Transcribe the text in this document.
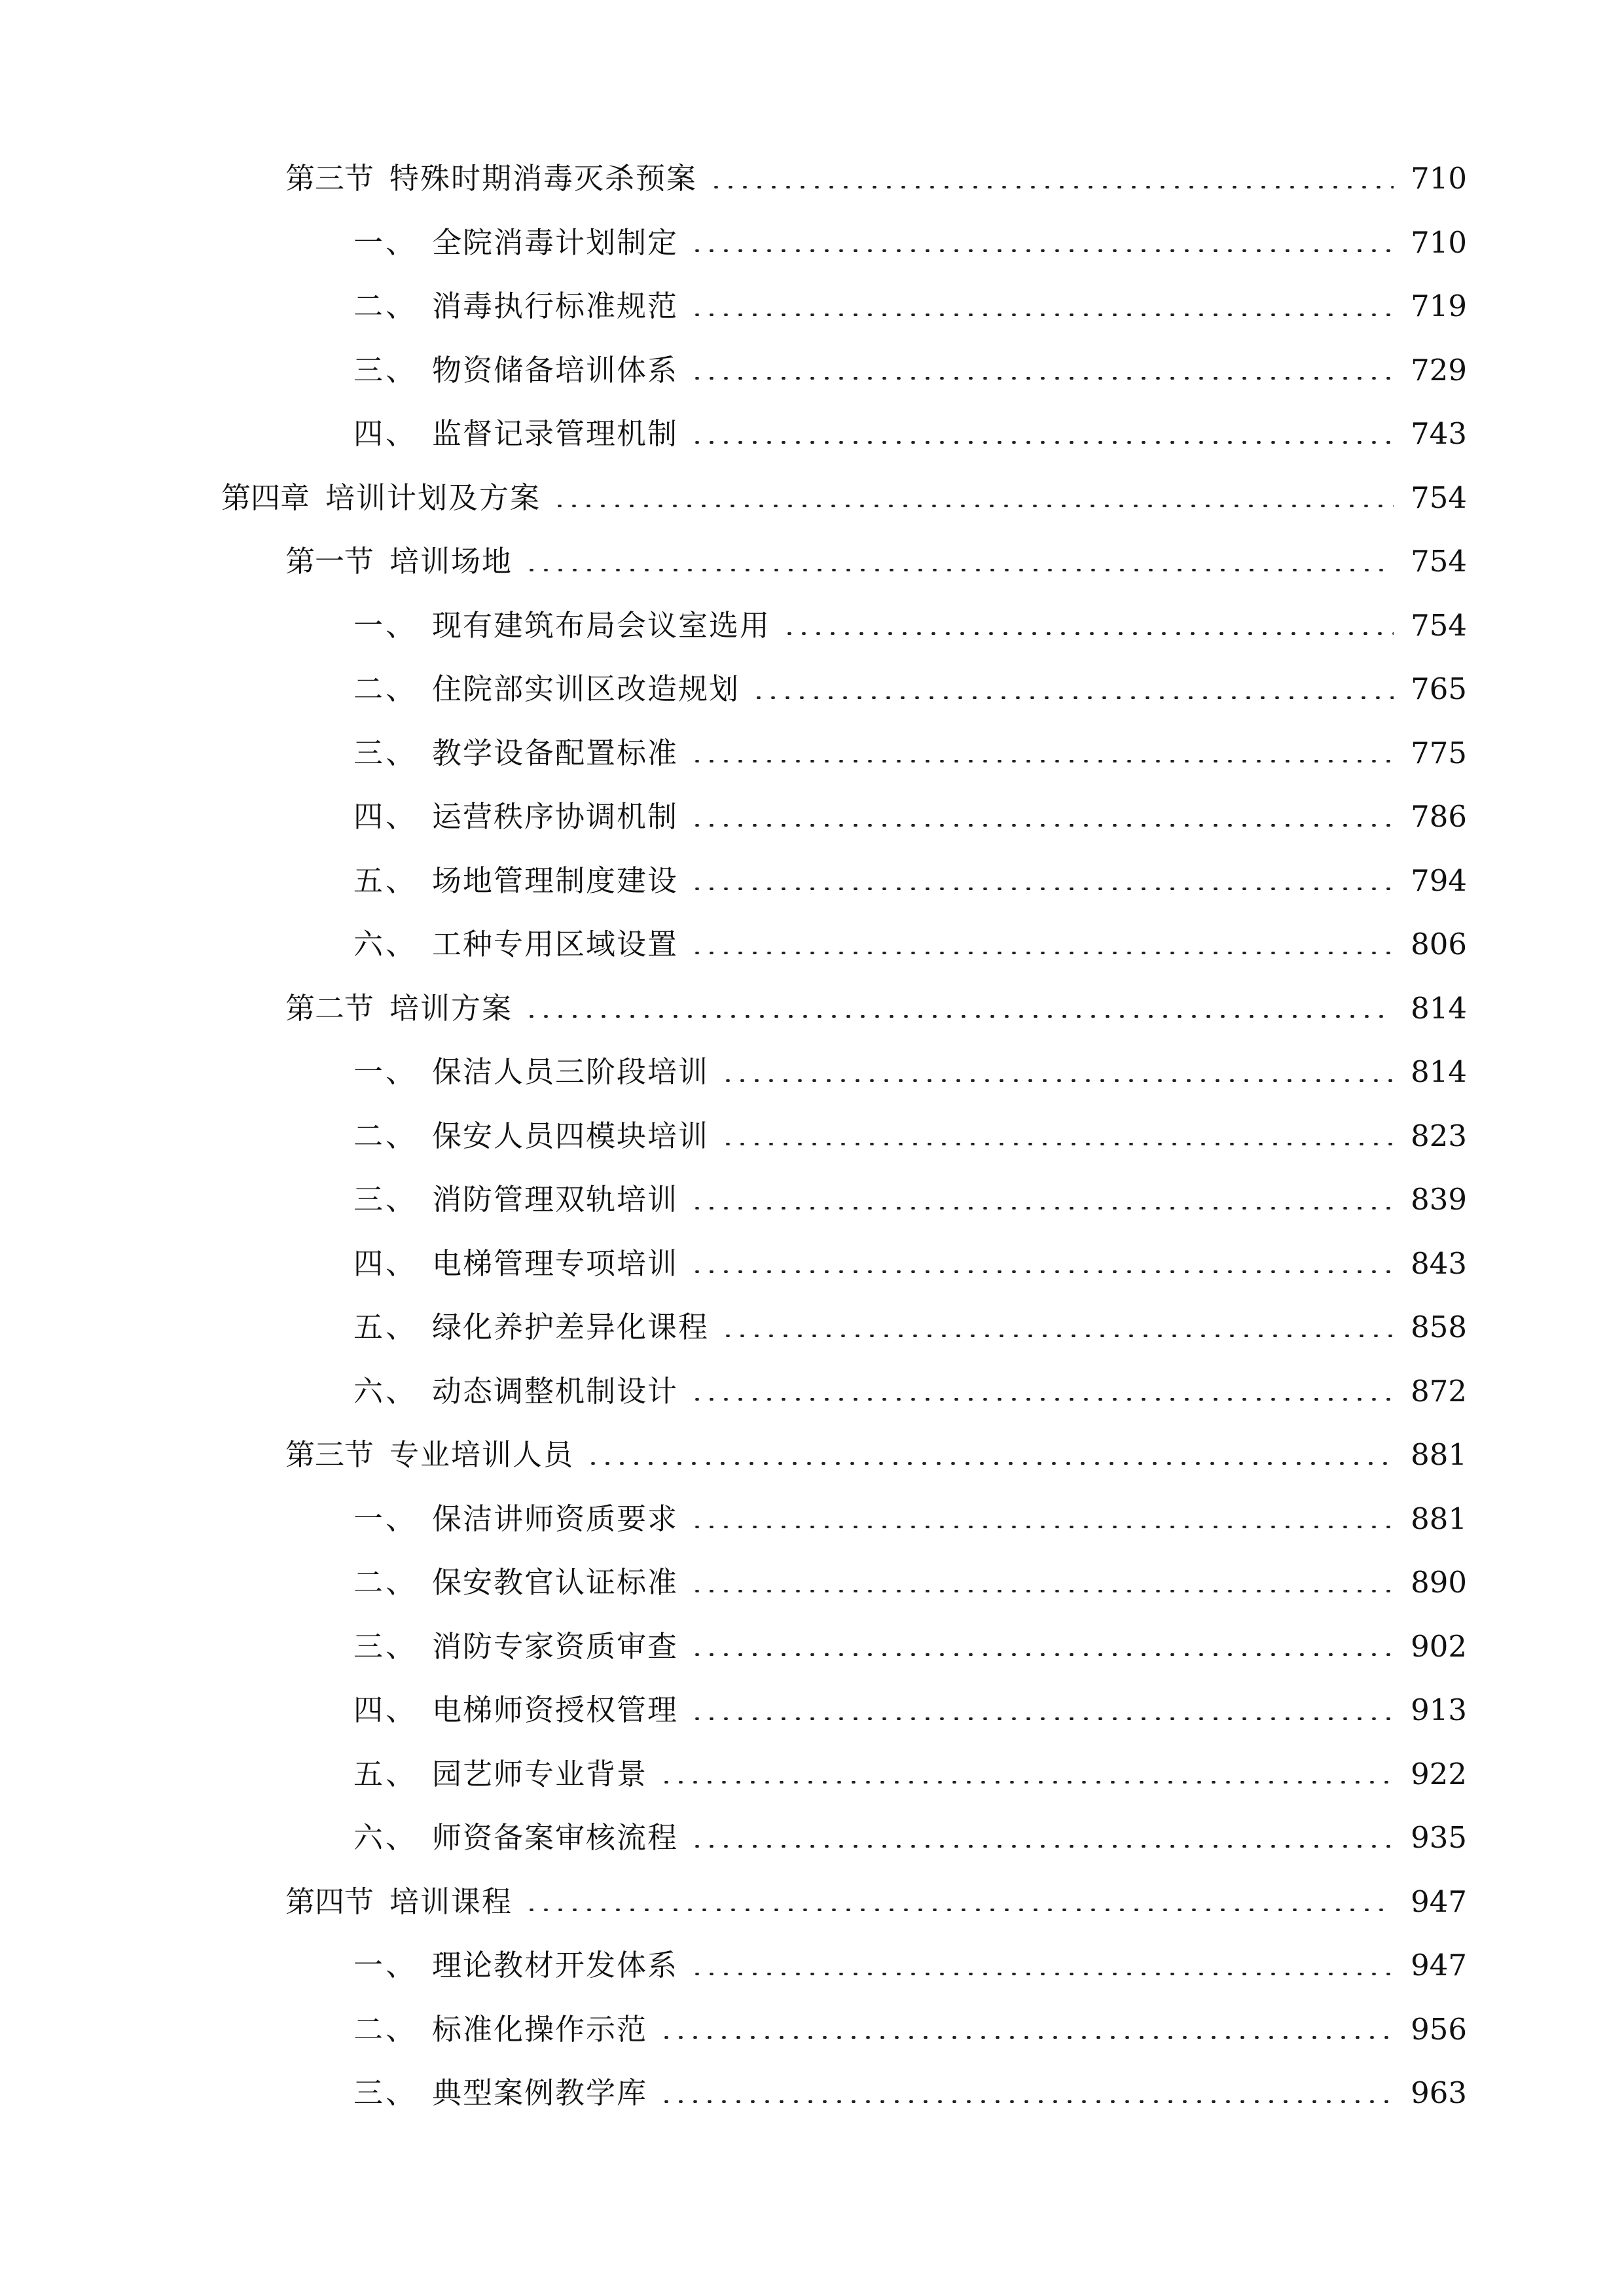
第三节 特殊时期消毒灭杀预案	710
一、 全院消毒计划制定	710
二、 消毒执行标准规范	719
三、 物资储备培训体系	729
四、 监督记录管理机制	743
第四章 培训计划及方案	754
第一节 培训场地	754
一、 现有建筑布局会议室选用	754
二、 住院部实训区改造规划	765
三、 教学设备配置标准	775
四、 运营秩序协调机制	786
五、 场地管理制度建设	794
六、 工种专用区域设置	806
第二节 培训方案	814
一、 保洁人员三阶段培训	814
二、 保安人员四模块培训	823
三、 消防管理双轨培训	839
四、 电梯管理专项培训	843
五、 绿化养护差异化课程	858
六、 动态调整机制设计	872
第三节 专业培训人员	881
一、 保洁讲师资质要求	881
二、 保安教官认证标准	890
三、 消防专家资质审查	902
四、 电梯师资授权管理	913
五、 园艺师专业背景	922
六、 师资备案审核流程	935
第四节 培训课程	947
一、 理论教材开发体系	947
二、 标准化操作示范	956
三、 典型案例教学库	963
